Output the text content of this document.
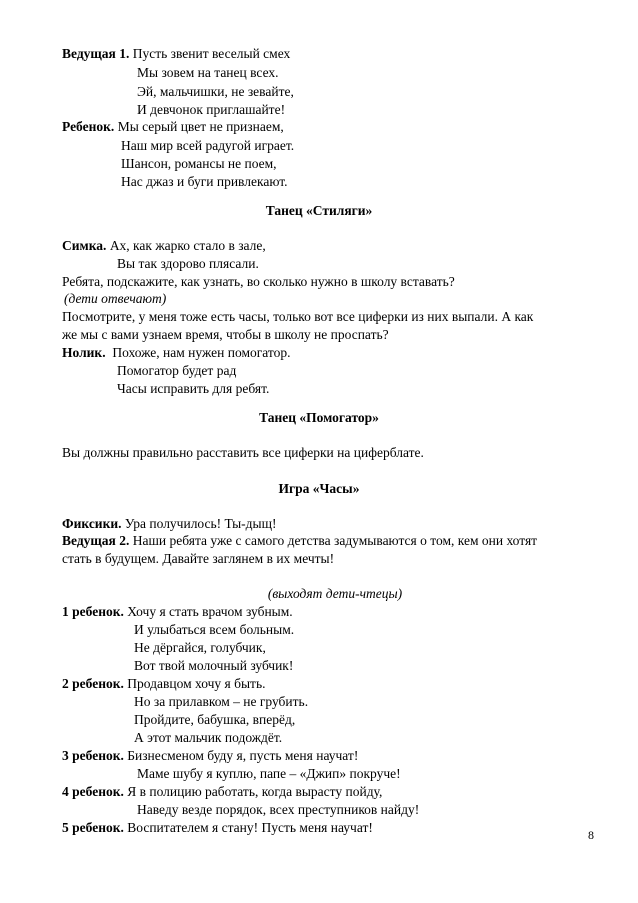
Ведущая 1. Пусть звенит веселый смех
Мы зовем на танец всех.
Эй, мальчишки, не зевайте,
И девчонок приглашайте!
Ребенок. Мы серый цвет не признаем,
Наш мир всей радугой играет.
Шансон, романсы не поем,
Нас джаз и буги привлекают.
Танец «Стиляги»
Симка. Ах, как жарко стало в зале,
Вы так здорово плясали.
Ребята, подскажите, как узнать, во сколько нужно в школу вставать?
(дети отвечают)
Посмотрите, у меня тоже есть часы, только вот все циферки из них выпали. А как
же мы с вами узнаем время, чтобы в школу не проспать?
Нолик. Похоже, нам нужен помогатор.
Помогатор будет рад
Часы исправить для ребят.
Танец «Помогатор»
Вы должны правильно расставить все циферки на циферблате.
Игра «Часы»
Фиксики. Ура получилось! Ты-дыщ!
Ведущая 2. Наши ребята уже с самого детства задумываются о том, кем они хотят
стать в будущем. Давайте заглянем в их мечты!
(выходят дети-чтецы)
1 ребенок. Хочу я стать врачом зубным.
И улыбаться всем больным.
Не дёргайся, голубчик,
Вот твой молочный зубчик!
2 ребенок. Продавцом хочу я быть.
Но за прилавком – не грубить.
Пройдите, бабушка, вперёд,
А этот мальчик подождёт.
3 ребенок. Бизнесменом буду я, пусть меня научат!
Маме шубу я куплю, папе – «Джип» покруче!
4 ребенок. Я в полицию работать, когда вырасту пойду,
Наведу везде порядок, всех преступников найду!
5 ребенок. Воспитателем я стану! Пусть меня научат!	8
